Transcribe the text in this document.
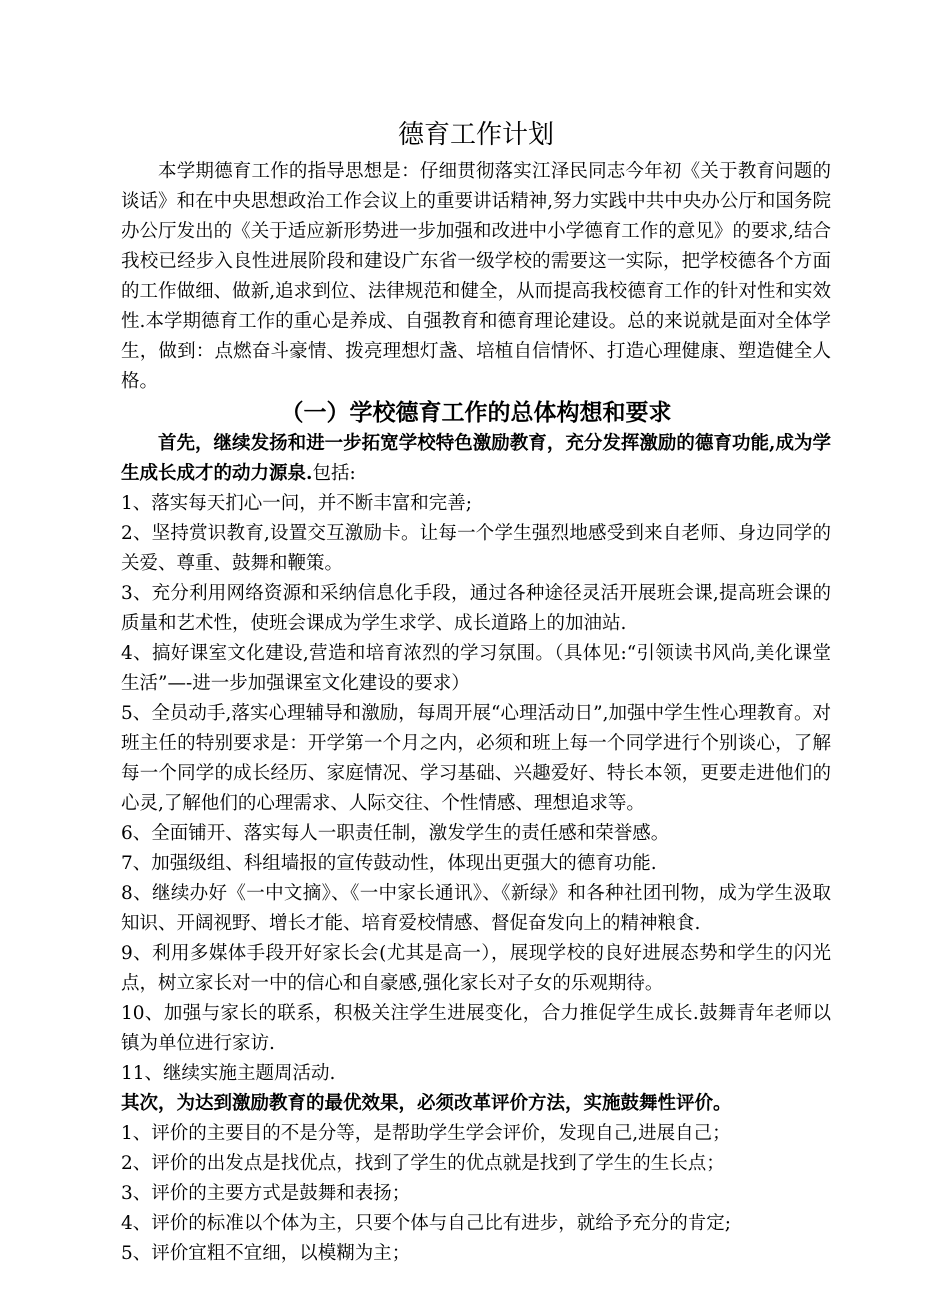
德育工作计划

本学期德育工作的指导思想是：仔细贯彻落实江泽民同志今年初《关于教育问题的谈话》和在中央思想政治工作会议上的重要讲话精神,努力实践中共中央办公厅和国务院办公厅发出的《关于适应新形势进一步加强和改进中小学德育工作的意见》的要求,结合我校已经步入良性进展阶段和建设广东省一级学校的需要这一实际，把学校德各个方面的工作做细、做新,追求到位、法律规范和健全，从而提高我校德育工作的针对性和实效性.本学期德育工作的重心是养成、自强教育和德育理论建设。总的来说就是面对全体学生，做到：点燃奋斗豪情、拨亮理想灯盏、培植自信情怀、打造心理健康、塑造健全人格。

（一）学校德育工作的总体构想和要求

首先，继续发扬和进一步拓宽学校特色激励教育，充分发挥激励的德育功能,成为学生成长成才的动力源泉.包括:

1、落实每天扪心一问，并不断丰富和完善;

2、坚持赏识教育,设置交互激励卡。让每一个学生强烈地感受到来自老师、身边同学的关爱、尊重、鼓舞和鞭策。

3、充分利用网络资源和采纳信息化手段，通过各种途径灵活开展班会课,提高班会课的质量和艺术性，使班会课成为学生求学、成长道路上的加油站.

4、搞好课室文化建设,营造和培育浓烈的学习氛围。（具体见:“引领读书风尚,美化课堂生活”—-进一步加强课室文化建设的要求）

5、全员动手,落实心理辅导和激励，每周开展“心理活动日”,加强中学生性心理教育。对班主任的特别要求是：开学第一个月之内，必须和班上每一个同学进行个别谈心，了解每一个同学的成长经历、家庭情况、学习基础、兴趣爱好、特长本领，更要走进他们的心灵,了解他们的心理需求、人际交往、个性情感、理想追求等。

6、全面铺开、落实每人一职责任制，激发学生的责任感和荣誉感。

7、加强级组、科组墙报的宣传鼓动性，体现出更强大的德育功能.

8、继续办好《一中文摘》、《一中家长通讯》、《新绿》和各种社团刊物，成为学生汲取知识、开阔视野、增长才能、培育爱校情感、督促奋发向上的精神粮食.

9、利用多媒体手段开好家长会(尤其是高一），展现学校的良好进展态势和学生的闪光点，树立家长对一中的信心和自豪感,强化家长对子女的乐观期待。

10、加强与家长的联系，积极关注学生进展变化，合力推促学生成长.鼓舞青年老师以镇为单位进行家访.

11、继续实施主题周活动.

其次，为达到激励教育的最优效果，必须改革评价方法，实施鼓舞性评价。

1、评价的主要目的不是分等，是帮助学生学会评价，发现自己,进展自己；

2、评价的出发点是找优点，找到了学生的优点就是找到了学生的生长点；

3、评价的主要方式是鼓舞和表扬；

4、评价的标准以个体为主，只要个体与自己比有进步，就给予充分的肯定;

5、评价宜粗不宜细，以模糊为主；
